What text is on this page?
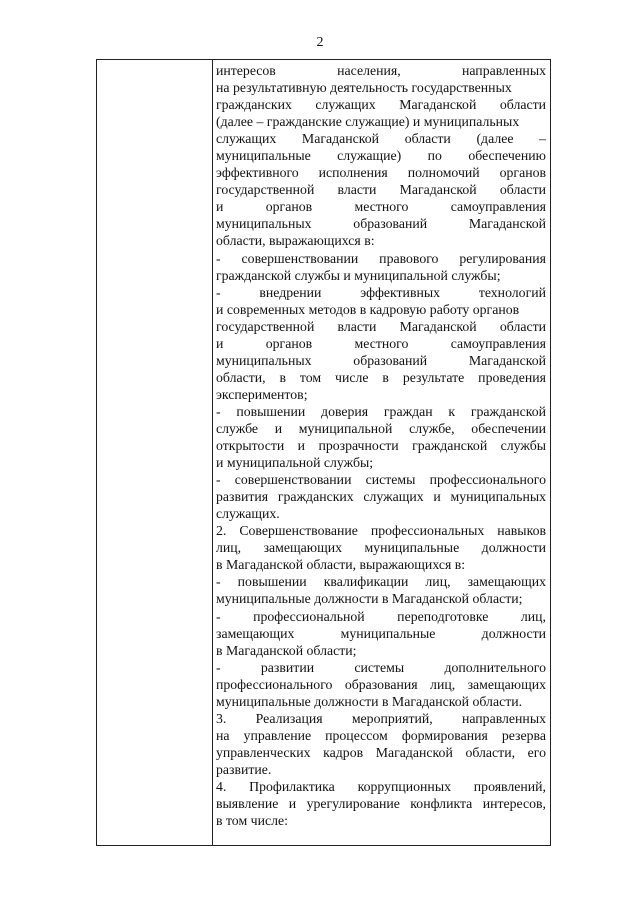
2
интересов населения, направленных
на результативную деятельность государственных
гражданских служащих Магаданской области
(далее – гражданские служащие) и муниципальных
служащих Магаданской области (далее –
муниципальные служащие) по обеспечению
эффективного исполнения полномочий органов
государственной власти Магаданской области
и органов местного самоуправления
муниципальных образований Магаданской
области, выражающихся в:
- совершенствовании правового регулирования
гражданской службы и муниципальной службы;
- внедрении эффективных технологий
и современных методов в кадровую работу органов
государственной власти Магаданской области
и органов местного самоуправления
муниципальных образований Магаданской
области, в том числе в результате проведения
экспериментов;
- повышении доверия граждан к гражданской
службе и муниципальной службе, обеспечении
открытости и прозрачности гражданской службы
и муниципальной службы;
- совершенствовании системы профессионального
развития гражданских служащих и муниципальных
служащих.
2. Совершенствование профессиональных навыков
лиц, замещающих муниципальные должности
в Магаданской области, выражающихся в:
- повышении квалификации лиц, замещающих
муниципальные должности в Магаданской области;
- профессиональной переподготовке лиц,
замещающих муниципальные должности
в Магаданской области;
- развитии системы дополнительного
профессионального образования лиц, замещающих
муниципальные должности в Магаданской области.
3. Реализация мероприятий, направленных
на управление процессом формирования резерва
управленческих кадров Магаданской области, его
развитие.
4. Профилактика коррупционных проявлений,
выявление и урегулирование конфликта интересов,
в том числе:
